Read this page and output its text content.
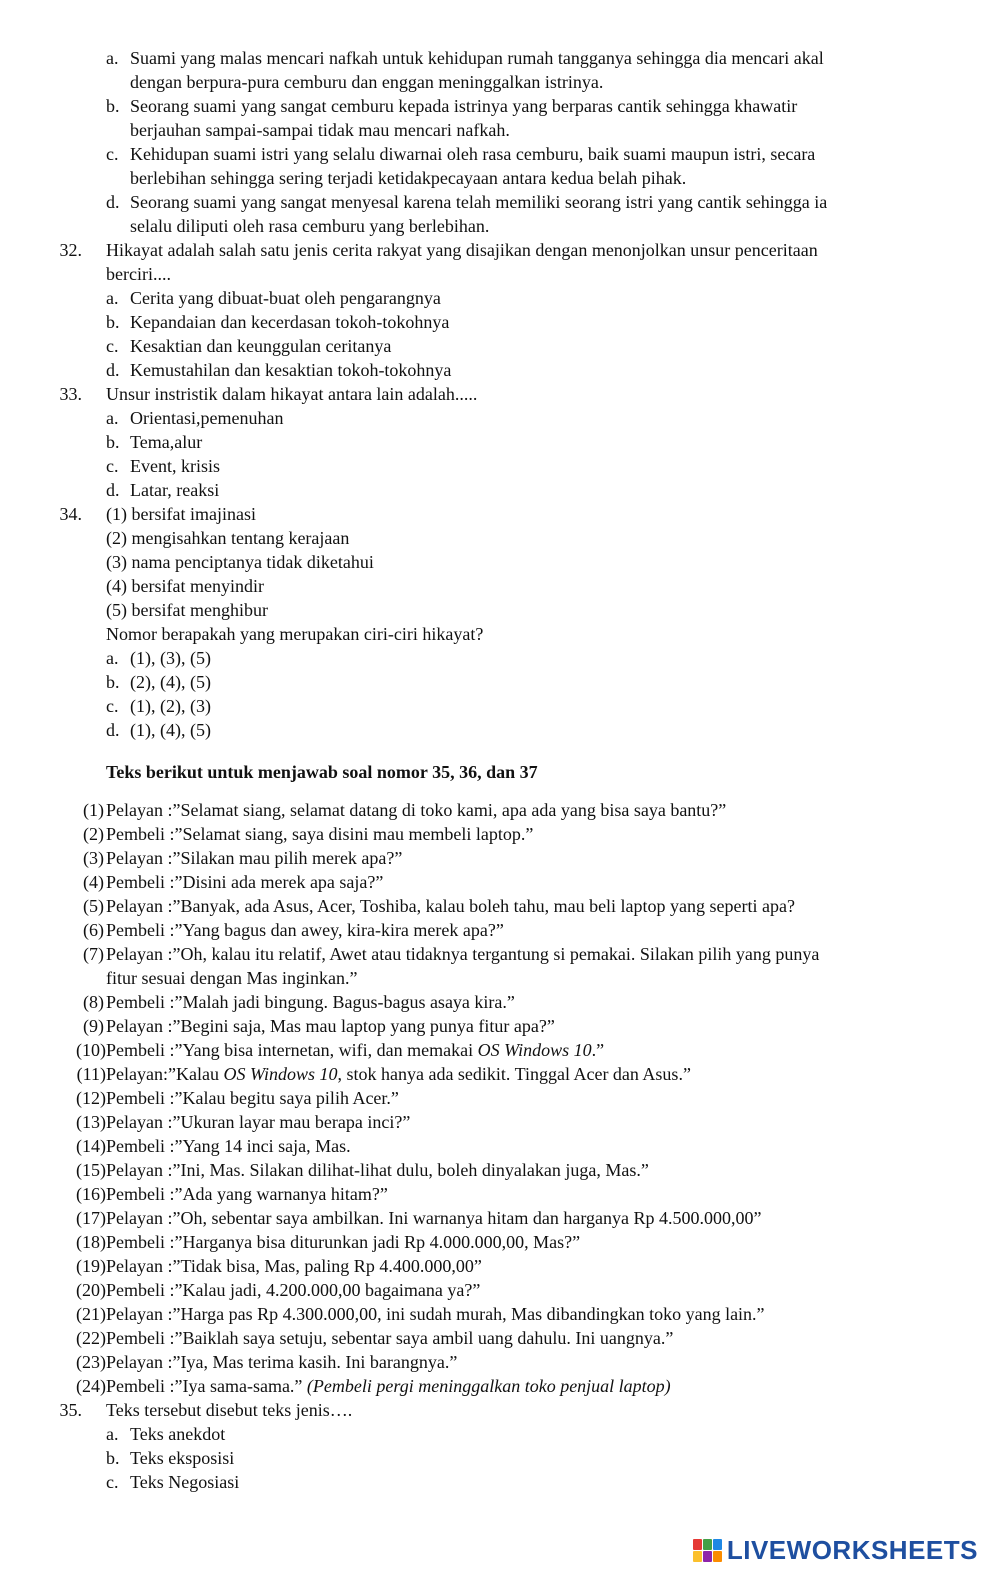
a. Suami yang malas mencari nafkah untuk kehidupan rumah tangganya sehingga dia mencari akal
dengan berpura-pura cemburu dan enggan meninggalkan istrinya.
b. Seorang suami yang sangat cemburu kepada istrinya yang berparas cantik sehingga khawatir
berjauhan sampai-sampai tidak mau mencari nafkah.
c. Kehidupan suami istri yang selalu diwarnai oleh rasa cemburu, baik suami maupun istri, secara
berlebihan sehingga sering terjadi ketidakpecayaan antara kedua belah pihak.
d. Seorang suami yang sangat menyesal karena telah memiliki seorang istri yang cantik sehingga ia
selalu diliputi oleh rasa cemburu yang berlebihan.
32. Hikayat adalah salah satu jenis cerita rakyat yang disajikan dengan menonjolkan unsur penceritaan
berciri....
a. Cerita yang dibuat-buat oleh pengarangnya
b. Kepandaian dan kecerdasan tokoh-tokohnya
c. Kesaktian dan keunggulan ceritanya
d. Kemustahilan dan kesaktian tokoh-tokohnya
33. Unsur instristik dalam hikayat antara lain adalah.....
a. Orientasi,pemenuhan
b. Tema,alur
c. Event, krisis
d. Latar, reaksi
34. (1) bersifat imajinasi
(2) mengisahkan tentang kerajaan
(3) nama penciptanya tidak diketahui
(4) bersifat menyindir
(5) bersifat menghibur
Nomor berapakah yang merupakan ciri-ciri hikayat?
a. (1), (3), (5)
b. (2), (4), (5)
c. (1), (2), (3)
d. (1), (4), (5)
Teks berikut untuk menjawab soal nomor 35, 36, dan 37
(1) Pelayan :”Selamat siang, selamat datang di toko kami, apa ada yang bisa saya bantu?”
(2) Pembeli :”Selamat siang, saya disini mau membeli laptop.”
(3) Pelayan :”Silakan mau pilih merek apa?”
(4) Pembeli :”Disini ada merek apa saja?”
(5) Pelayan :”Banyak, ada Asus, Acer, Toshiba, kalau boleh tahu, mau beli laptop yang seperti apa?
(6) Pembeli :”Yang bagus dan awey, kira-kira merek apa?”
(7) Pelayan :”Oh, kalau itu relatif, Awet atau tidaknya tergantung si pemakai. Silakan pilih yang punya
fitur sesuai dengan Mas inginkan.”
(8) Pembeli :”Malah jadi bingung. Bagus-bagus asaya kira.”
(9) Pelayan :”Begini saja, Mas mau laptop yang punya fitur apa?”
(10) Pembeli :”Yang bisa internetan, wifi, dan memakai OS Windows 10.”
(11) Pelayan:”Kalau OS Windows 10, stok hanya ada sedikit. Tinggal Acer dan Asus.”
(12) Pembeli :”Kalau begitu saya pilih Acer.”
(13) Pelayan :”Ukuran layar mau berapa inci?”
(14) Pembeli :”Yang 14 inci saja, Mas.
(15) Pelayan :”Ini, Mas. Silakan dilihat-lihat dulu, boleh dinyalakan juga, Mas.”
(16) Pembeli :”Ada yang warnanya hitam?”
(17) Pelayan :”Oh, sebentar saya ambilkan. Ini warnanya hitam dan harganya Rp 4.500.000,00”
(18) Pembeli :”Harganya bisa diturunkan jadi Rp 4.000.000,00, Mas?”
(19) Pelayan :”Tidak bisa, Mas, paling Rp 4.400.000,00”
(20) Pembeli :”Kalau jadi, 4.200.000,00 bagaimana ya?”
(21) Pelayan :”Harga pas Rp 4.300.000,00, ini sudah murah, Mas dibandingkan toko yang lain.”
(22) Pembeli :”Baiklah saya setuju, sebentar saya ambil uang dahulu. Ini uangnya.”
(23) Pelayan :”Iya, Mas terima kasih. Ini barangnya.”
(24) Pembeli :”Iya sama-sama.” (Pembeli pergi meninggalkan toko penjual laptop)
35. Teks tersebut disebut teks jenis….
a. Teks anekdot
b. Teks eksposisi
c. Teks Negosiasi
LIVEWORKSHEETS
